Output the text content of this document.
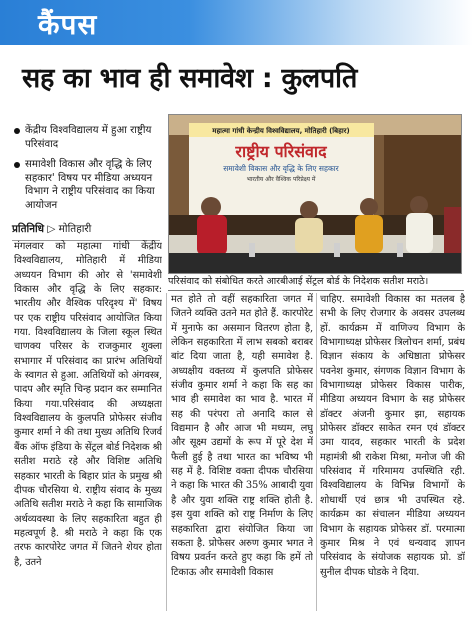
कैंपस
सह का भाव ही समावेश : कुलपति
केंद्रीय विश्वविद्यालय में हुआ राष्ट्रीय परिसंवाद
समावेशी विकास और वृद्धि के लिए सहकार' विषय पर मीडिया अध्ययन विभाग ने राष्ट्रीय परिसंवाद का किया आयोजन
प्रतिनिधि ▷ मोतिहारी
महात्मा गांधी केन्द्रीय विश्वविद्यालय, मोतिहारी (बिहार)
राष्ट्रीय परिसंवाद
समावेशी विकास और वृद्धि के लिए सहकार
भारतीय और वैश्विक परिप्रेक्ष्य में
परिसंवाद को संबोधित करते आरबीआई सेंट्रल बोर्ड के निदेशक सतीश मराठे।
मंगलवार को महात्मा गांधी केंद्रीय विश्वविद्यालय, मोतिहारी में मीडिया अध्ययन विभाग की ओर से 'समावेशी विकास और वृद्धि के लिए सहकार: भारतीय और वैश्विक परिदृश्य में' विषय पर एक राष्ट्रीय परिसंवाद आयोजित किया गया. विश्वविद्यालय के जिला स्कूल स्थित चाणक्य परिसर के राजकुमार शुक्ला सभागार में परिसंवाद का प्रारंभ अतिथियों के स्वागत से हुआ. अतिथियों को अंगवस्त्र, पादप और स्मृति चिन्ह प्रदान कर सम्मानित किया गया.परिसंवाद की अध्यक्षता विश्वविद्यालय के कुलपति प्रोफेसर संजीव कुमार शर्मा ने की तथा मुख्य अतिथि रिजर्व बैंक ऑफ इंडिया के सेंट्रल बोर्ड निदेशक श्री सतीश मराठे रहे और विशिष्ट अतिथि सहकार भारती के बिहार प्रांत के प्रमुख श्री दीपक चौरसिया थे. राष्ट्रीय संवाद के मुख्य अतिथि सतीश मराठे ने कहा कि सामाजिक अर्थव्यवस्था के लिए सहकारिता बहुत ही महत्वपूर्ण है. श्री मराठे ने कहा कि एक तरफ कारपोरेट जगत में जितने शेयर होता है, उतने
मत होते तो वहीं सहकारिता जगत में जितने व्यक्ति उतने मत होते हैं. कारपोरेट में मुनाफे का असमान वितरण होता है, लेकिन सहकारिता में लाभ सबको बराबर बांट दिया जाता है, यही समावेश है. अध्यक्षीय वक्तव्य में कुलपति प्रोफेसर संजीव कुमार शर्मा ने कहा कि सह का भाव ही समावेश का भाव है. भारत में सह की परंपरा तो अनादि काल से विद्यमान है और आज भी मध्यम, लघु और सूक्ष्म उद्यमों के रूप में पूरे देश में फैली हुई है तथा भारत का भविष्य भी सह में है. विशिष्ट वक्ता दीपक चौरसिया ने कहा कि भारत की 35% आबादी युवा है और युवा शक्ति राष्ट्र शक्ति होती है. इस युवा शक्ति को राष्ट्र निर्माण के लिए सहकारिता द्वारा संयोजित किया जा सकता है. प्रोफेसर अरुण कुमार भगत ने विषय प्रवर्तन करते हुए कहा कि हमें तो टिकाऊ और समावेशी विकास
चाहिए. समावेशी विकास का मतलब है सभी के लिए रोजगार के अवसर उपलब्ध हों. कार्यक्रम में वाणिज्य विभाग के विभागाध्यक्ष प्रोफेसर त्रिलोचन शर्मा, प्रबंध विज्ञान संकाय के अधिष्ठाता प्रोफेसर पवनेश कुमार, संगणक विज्ञान विभाग के विभागाध्यक्ष प्रोफेसर विकास पारीक, मीडिया अध्ययन विभाग के सह प्रोफेसर डॉक्टर अंजनी कुमार झा, सहायक प्रोफेसर डॉक्टर साकेत रमन एवं डॉक्टर उमा यादव, सहकार भारती के प्रदेश महामंत्री श्री राकेश मिश्रा, मनोज जी की परिसंवाद में गरिमामय उपस्थिति रही. विश्वविद्यालय के विभिन्न विभागों के शोधार्थी एवं छात्र भी उपस्थित रहे. कार्यक्रम का संचालन मीडिया अध्ययन विभाग के सहायक प्रोफेसर डॉ. परमात्मा कुमार मिश्र ने एवं धन्यवाद ज्ञापन परिसंवाद के संयोजक सहायक प्रो. डॉ सुनील दीपक घोडके ने दिया.
